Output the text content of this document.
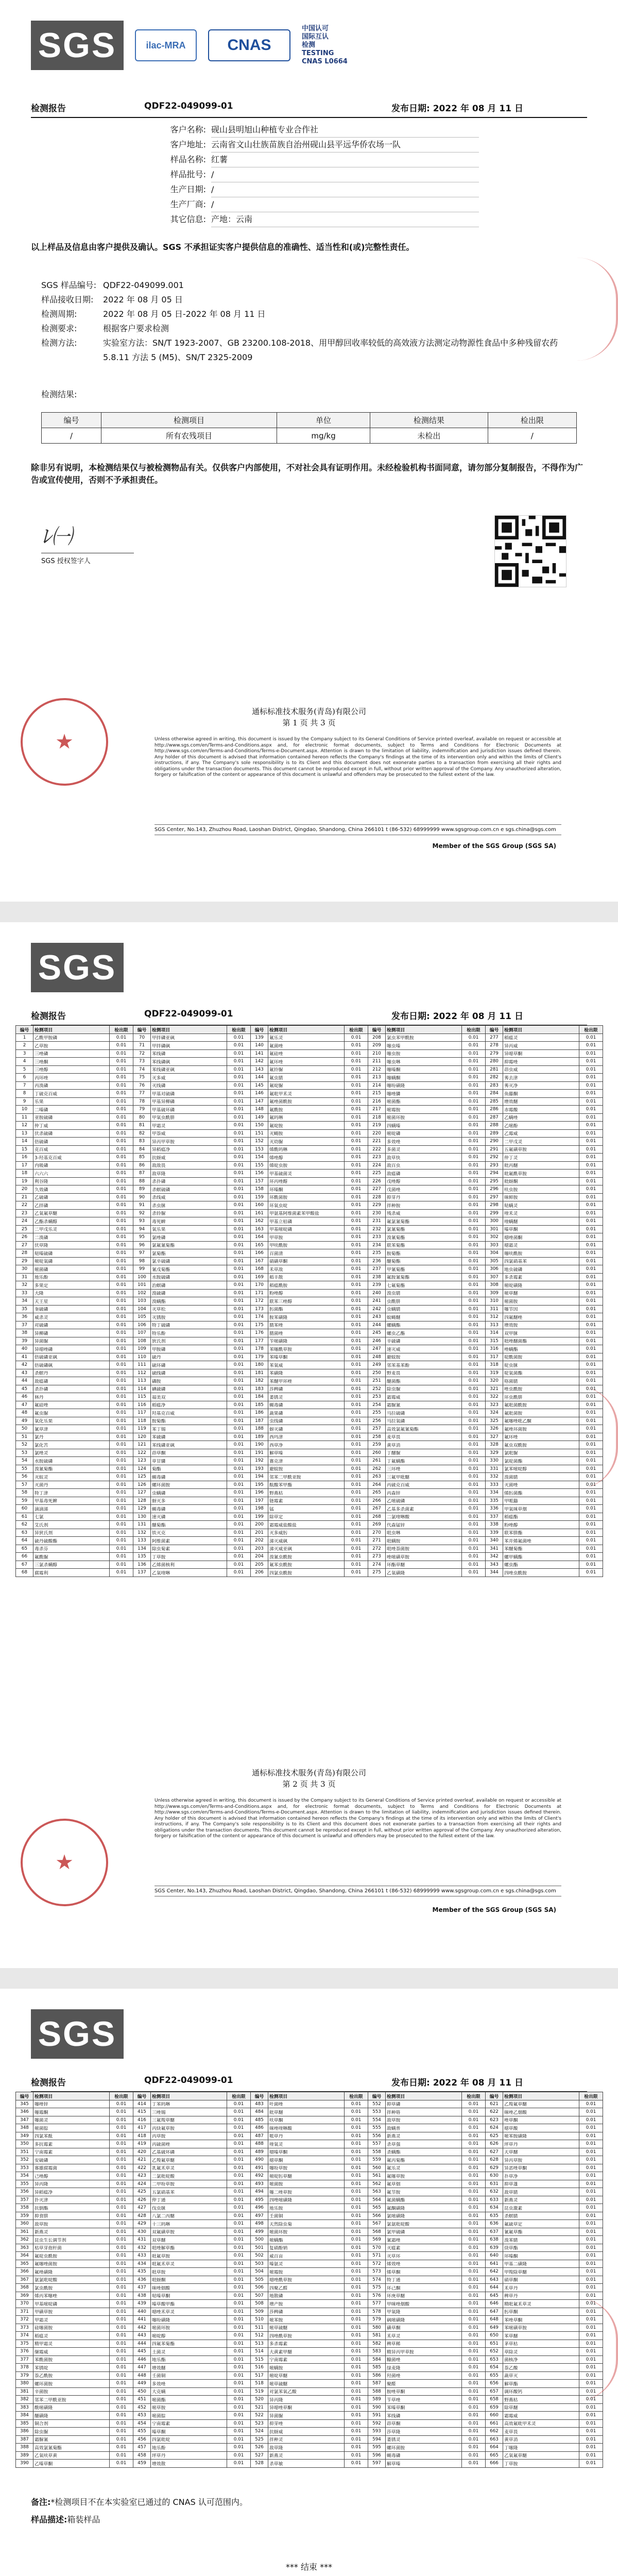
SGS	ilac-MRA	CNAS
中国认可
国际互认
检测
TESTING
CNAS L0664
检测报告	QDF22-049099-01	发布日期: 2022 年 08 月 11 日
客户名称: 砚山县明旭山种植专业合作社
客户地址: 云南省文山壮族苗族自治州砚山县平远华侨农场一队
样品名称: 红薯
样品批号: /
生产日期: /
生产厂商: /
其它信息: 产地：云南
以上样品及信息由客户提供及确认。SGS 不承担证实客户提供信息的准确性、适当性和(或)完整性责任。
SGS 样品编号: QDF22-049099.001
样品接收日期:	2022 年 08 月 05 日
检测周期:	2022 年 08 月 05 日-2022 年 08 月 11 日
检测要求:	根据客户要求检测
检测方法:	实验室方法：SN/T 1923-2007、GB 23200.108-2018、用甲醇回收率较低的高效液方法测定动物源性食品中多种残留农药 5.8.11 方法 5 (M5)、SN/T 2325-2009
检测结果:
编号	检测项目	单位	检测结果	检出限
/	所有农残项目	mg/kg	未检出	/
除非另有说明，本检测结果仅与被检测物品有关。仅供客户内部使用，不对社会具有证明作用。未经检验机构书面同意，请勿部分复制报告，不得作为广告或宣传使用，否则不予承担责任。
ﾚ㈠
SGS 授权签字人
★
通标标准技术服务(青岛)有限公司
第 1 页 共 3 页
Unless otherwise agreed in writing, this document is issued by the Company subject to its General Conditions of Service printed overleaf, available on request or accessible at http://www.sgs.com/en/Terms-and-Conditions.aspx and, for electronic format documents, subject to Terms and Conditions for Electronic Documents at http://www.sgs.com/en/Terms-and-Conditions/Terms-e-Document.aspx. Attention is drawn to the limitation of liability, indemnification and jurisdiction issues defined therein. Any holder of this document is advised that information contained hereon reflects the Company's findings at the time of its intervention only and within the limits of Client's instructions, if any. The Company's sole responsibility is to its Client and this document does not exonerate parties to a transaction from exercising all their rights and obligations under the transaction documents. This document cannot be reproduced except in full, without prior written approval of the Company. Any unauthorized alteration, forgery or falsification of the content or appearance of this document is unlawful and offenders may be prosecuted to the fullest extent of the law.
SGS Center, No.143, Zhuzhou Road, Laoshan District, Qingdao, Shandong, China 266101 t (86-532) 68999999 www.sgsgroup.com.cn e sgs.china@sgs.com
Member of the SGS Group (SGS SA)
SGS
检测报告	QDF22-049099-01	发布日期: 2022 年 08 月 11 日
编号	检测项目	检出限	编号	检测项目	检出限	编号	检测项目	检出限	编号	检测项目	检出限	编号	检测项目	检出限
1	乙酰甲胺磷	0.01	70	甲拌磷亚砜	0.01	139	氟乐灵	0.01	208	氯虫苯甲酰胺	0.01	277	稻瘟灵	0.01
2	乙草胺	0.01	71	甲拌磷砜	0.01	140	氟菌唑	0.01	209	噻虫嗪	0.01	278	异丙威	0.01
3	三唑磷	0.01	72	苯线磷	0.01	141	氟硅唑	0.01	210	噻虫胺	0.01	279	异噁草酮	0.01
4	三唑酮	0.01	73	苯线磷砜	0.01	142	氟环唑	0.01	211	噻虫啉	0.01	280	抑霉唑	0.01
5	三唑醇	0.01	74	苯线磷亚砜	0.01	143	氟铃脲	0.01	212	噻嗪酮	0.01	281	茚虫威	0.01
6	丙环唑	0.01	75	灭多威	0.01	144	氟虫腈	0.01	213	噻螨酮	0.01	282	莠去津	0.01
7	丙溴磷	0.01	76	灭线磷	0.01	145	氟啶脲	0.01	214	噻吩磺隆	0.01	283	莠灭净	0.01
8	丁硫克百威	0.01	77	甲基对硫磷	0.01	146	氟吡甲禾灵	0.01	215	噻唑膦	0.01	284	鱼藤酮	0.01
9	乐果	0.01	78	甲基异柳磷	0.01	147	氟唑菌酰胺	0.01	216	嘧菌酯	0.01	285	增效醚	0.01
10	二嗪磷	0.01	79	甲基硫环磷	0.01	148	氟酰胺	0.01	217	嘧霉胺	0.01	286	赤霉酸	0.01
11	亚胺硫磷	0.01	80	甲氧虫酰肼	0.01	149	氟吗啉	0.01	218	嘧菌环胺	0.01	287	乙螨唑	0.01
12	仲丁威	0.01	81	甲霜灵	0.01	150	氟啶胺	0.01	219	四螨嗪	0.01	288	乙嘧酚	0.01
13	伏杀硫磷	0.01	82	甲萘威	0.01	151	灭蝇胺	0.01	220	嘧啶磷	0.01	289	乙霉威	0.01
14	倍硫磷	0.01	83	异丙甲草胺	0.01	152	灭幼脲	0.01	221	多效唑	0.01	290	二甲戊灵	0.01
15	克百威	0.01	84	异稻瘟净	0.01	153	烯酰吗啉	0.01	222	多菌灵	0.01	291	五氟磺草胺	0.01
16	3-羟基克百威	0.01	85	抗蚜威	0.01	154	烯唑醇	0.01	223	敌草快	0.01	292	仲丁灵	0.01
17	内吸磷	0.01	86	敌敌畏	0.01	155	烯啶虫胺	0.01	224	敌百虫	0.01	293	吡丙醚	0.01
18	六六六	0.01	87	敌草隆	0.01	156	甲基硫菌灵	0.01	225	敌瘟磷	0.01	294	吡氟酰草胺	0.01
19	利谷隆	0.01	88	杀扑磷	0.01	157	环丙唑醇	0.01	226	戊唑醇	0.01	295	吡蚜酮	0.01
20	久效磷	0.01	89	杀螟硫磷	0.01	158	环嗪酮	0.01	227	戊菌唑	0.01	296	呋虫胺	0.01
21	乙硫磷	0.01	90	杀线威	0.01	159	环酰菌胺	0.01	228	抑芽丹	0.01	297	咪鲜胺	0.01
22	乙拌磷	0.01	91	杀虫脒	0.01	160	环氧虫啶	0.01	229	拌种胺	0.01	298	哒螨灵	0.01
23	乙氧氟草醚	0.01	92	杀铃脲	0.01	161	甲氨基阿维菌素苯甲酸盐	0.01	230	残杀威	0.01	299	喹禾灵	0.01
24	乙酯杀螨醇	0.01	93	毒死蜱	0.01	162	甲基立枯磷	0.01	231	氟氯氰菊酯	0.01	300	喹螨醚	0.01
25	二甲戊乐灵	0.01	94	氧乐果	0.01	163	甲基嘧啶磷	0.01	232	氯氰菊酯	0.01	301	嗪草酮	0.01
26	二溴磷	0.01	95	氯唑磷	0.01	164	甲草胺	0.01	233	溴氰菊酯	0.01	302	噁唑菌酮	0.01
27	伏草隆	0.01	96	氯氟氰菊酯	0.01	165	甲呋酰胺	0.01	234	联苯菊酯	0.01	303	噁霜灵	0.01
28	哒嗪硫磷	0.01	97	氯菊酯	0.01	166	百菌清	0.01	235	胺菊酯	0.01	304	噻呋酰胺	0.01
29	嘧啶氧磷	0.01	98	氯辛硫磷	0.01	167	硝磺草酮	0.01	236	醚菊酯	0.01	305	四氯硝基苯	0.01
30	嘧菌磷	0.01	99	氰戊菊酯	0.01	168	禾草敌	0.01	237	甲氰菊酯	0.01	306	地虫硫磷	0.01
31	地乐酚	0.01	100	水胺硫磷	0.01	169	稻丰散	0.01	238	氟胺氰菊酯	0.01	307	多杀霉素	0.01
32	多果定	0.01	101	治螟磷	0.01	170	稻瘟酰胺	0.01	239	七氟菊酯	0.01	308	嘧啶磺隆	0.01
33	大隆	0.01	102	溴硫磷	0.01	171	粉唑醇	0.01	240	溴虫腈	0.01	309	嘧草醚	0.01
34	天王星	0.01	103	溴螨酯	0.01	172	联苯三唑醇	0.01	241	虫酰肼	0.01	310	嘧菌胺	0.01
35	奎硫磷	0.01	104	灭草松	0.01	173	肟菌酯	0.01	242	虫螨腈	0.01	311	噻节因	0.01
36	威杀灵	0.01	105	灭锈胺	0.01	174	胺苯磺隆	0.01	243	蚊蝇醚	0.01	312	四氟醚唑	0.01
37	对硫磷	0.01	106	特丁硫磷	0.01	175	腈苯唑	0.01	244	螺螨酯	0.01	313	增效胺	0.01
38	异柳磷	0.01	107	特乐酚	0.01	176	腈菌唑	0.01	245	螺虫乙酯	0.01	314	双甲脒	0.01
39	异菌脲	0.01	108	狄氏剂	0.01	177	苄嘧磺隆	0.01	246	辛硫磷	0.01	315	吡唑醚菌酯	0.01
40	异噁唑磷	0.01	109	甲胺磷	0.01	178	苯噻酰草胺	0.01	247	速灭威	0.01	316	唑螨酯	0.01
41	倍硫磷亚砜	0.01	110	硫丹	0.01	179	苯嗪草酮	0.01	248	避蚊胺	0.01	317	啶酰菌胺	0.01
42	倍硫磷砜	0.01	111	硫环磷	0.01	180	苯氧威	0.01	249	邻苯基苯酚	0.01	318	啶虫脒	0.01
43	杀螟丹	0.01	112	硫线磷	0.01	181	苯磺隆	0.01	250	野麦畏	0.01	319	啶氧菌酯	0.01
44	敌瘟磷	0.01	113	磷胺	0.01	182	苯醚甲环唑	0.01	251	醚菌酯	0.01	320	咯菌腈	0.01
45	杀扑磷	0.01	114	碘硫磷	0.01	183	莎稗磷	0.01	252	除虫脲	0.01	321	唑虫酰胺	0.01
46	林丹	0.01	115	福美双	0.01	184	萎锈灵	0.01	253	霜霉威	0.01	322	环虫酰肼	0.01
47	氟硅唑	0.01	116	稻瘟净	0.01	185	蝇毒磷	0.01	254	霜脲氰	0.01	323	氟吡菌酰胺	0.01
48	氟虫脲	0.01	117	羟基克百威	0.01	186	蔬果磷	0.01	255	马拉硫磷	0.01	324	氟吡菌胺	0.01
49	氧化乐果	0.01	118	胺菊酯	0.01	187	虫线磷	0.01	256	马拉氧磷	0.01	325	氟噻唑吡乙酮	0.01
50	氰草津	0.01	119	苯丁锡	0.01	188	蚜灭磷	0.01	257	高效氯氟氰菊酯	0.01	326	氟唑环菌胺	0.01
51	氯丹	0.01	120	苯硫磷	0.01	189	西玛津	0.01	258	麦草畏	0.01	327	氟环唑	0.01
52	氯化苦	0.01	121	苯线磷亚砜	0.01	190	西草净	0.01	259	黄草消	0.01	328	氟虫双酰胺	0.01
53	氯唑灵	0.01	122	茚草酮	0.01	191	解草嗪	0.01	260	丁醚脲	0.01	329	氯吡脲	0.01
54	水胺硫磷	0.01	123	草甘膦	0.01	192	赛克津	0.01	261	丁氟螨酯	0.01	330	氯啶菌酯	0.01
55	溴氰菊酯	0.01	124	菊酯	0.01	193	避蚊胺	0.01	262	三环唑	0.01	331	氯苯嘧啶醇	0.01
56	灭蚁灵	0.01	125	蝇毒磷	0.01	194	邻苯二甲酰亚胺	0.01	263	三氟甲吡醚	0.01	332	溴菌腈	0.01
57	灭菌丹	0.01	126	螺环菌胺	0.01	195	酞酸苯甲酯	0.01	264	丙硫克百威	0.01	333	灭菌唑	0.01
58	特丁津	0.01	127	虫螨磷	0.01	196	野燕枯	0.01	265	丙森锌	0.01	334	烯肟菌酯	0.01
59	甲基毒死蜱	0.01	128	蚜灭多	0.01	197	链霉素	0.01	266	乙嘧硫磷	0.01	335	甲哌鎓	0.01
60	滴滴涕	0.01	129	蝇毒磷	0.01	198	锰	0.01	267	乙基多杀菌素	0.01	336	甲氧咪草烟	0.01
61	七氯	0.01	130	速灭磷	0.01	199	除草定	0.01	268	二氯喹啉酸	0.01	337	稻瘟酯	0.01
62	艾氏剂	0.01	131	醚菊酯	0.01	200	霜霉威盐酸盐	0.01	269	代森锰锌	0.01	338	粉唑醇	0.01
63	异狄氏剂	0.01	132	铁灭克	0.01	201	灭多威肟	0.01	270	吡虫啉	0.01	339	联苯肼酯	0.01
64	硫丹硫酸酯	0.01	133	阿维菌素	0.01	202	涕灭威砜	0.01	271	吡螨胺	0.01	340	苯并烯氟菌唑	0.01
65	毒杀芬	0.01	134	除虫菊素	0.01	203	涕灭威亚砜	0.01	272	吡唑萘菌胺	0.01	341	苯醚菊酯	0.01
66	氟酰脲	0.01	135	丁草胺	0.01	204	溴氰虫酰胺	0.01	273	唑嘧磺草胺	0.01	342	螺甲螨酯	0.01
67	三氯杀螨醇	0.01	136	乙烯菌核利	0.01	205	氟苯虫酰胺	0.01	274	环酯草醚	0.01	343	螺虫酯	0.01
68	腐霉利	0.01	137	乙氧喹啉	0.01	206	四氯虫酰胺	0.01	275	乙氧磺隆	0.01	344	四唑虫酰胺	0.01
★
通标标准技术服务(青岛)有限公司
第 2 页 共 3 页
Unless otherwise agreed in writing, this document is issued by the Company subject to its General Conditions of Service printed overleaf, available on request or accessible at http://www.sgs.com/en/Terms-and-Conditions.aspx and, for electronic format documents, subject to Terms and Conditions for Electronic Documents at http://www.sgs.com/en/Terms-and-Conditions/Terms-e-Document.aspx. Attention is drawn to the limitation of liability, indemnification and jurisdiction issues defined therein. Any holder of this document is advised that information contained hereon reflects the Company's findings at the time of its intervention only and within the limits of Client's instructions, if any. The Company's sole responsibility is to its Client and this document does not exonerate parties to a transaction from exercising all their rights and obligations under the transaction documents. This document cannot be reproduced except in full, without prior written approval of the Company. Any unauthorized alteration, forgery or falsification of the content or appearance of this document is unlawful and offenders may be prosecuted to the fullest extent of the law.
SGS Center, No.143, Zhuzhou Road, Laoshan District, Qingdao, Shandong, China 266101 t (86-532) 68999999 www.sgsgroup.com.cn e sgs.china@sgs.com
Member of the SGS Group (SGS SA)
SGS
检测报告	QDF22-049099-01	发布日期: 2022 年 08 月 11 日
编号	检测项目	检出限	编号	检测项目	检出限	编号	检测项目	检出限	编号	检测项目	检出限	编号	检测项目	检出限
345	噻唑锌	0.01	414	丁苯吗啉	0.01	483	叶菌唑	0.01	552	抑草磷	0.01	621	乙羧氟草醚	0.01
346	噻霉酮	0.01	415	三唑锡	0.01	484	吡草醚	0.01	553	拌种咯	0.01	622	咪唑乙烟酸	0.01
347	噻菌灵	0.01	416	三氟羧草醚	0.01	485	呋草酮	0.01	554	敌草胺	0.01	623	唑草酮	0.01
348	嘧菌腙	0.01	417	丙炔氟草胺	0.01	486	咪唑喹啉酸	0.01	555	敌螨普	0.01	624	噁草酸	0.01
349	四氯苯酞	0.01	418	丙草胺	0.01	487	哌草丹	0.01	556	新燕灵	0.01	625	嘧苯胺磺隆	0.01
350	多抗霉素	0.01	419	丙硫菌唑	0.01	488	喹氧灵	0.01	557	杀草强	0.01	626	坪草丹	0.01
351	宁南霉素	0.01	420	乙基硫环磷	0.01	489	噁嗪草酮	0.01	558	杀螨酯	0.01	627	天草醚	0.01
352	安硫磷	0.01	421	乙羧氟草醚	0.01	490	噁草酮	0.01	559	氟丙菊酯	0.01	628	异丙草胺	0.01
353	寡雄腐霉菌	0.01	422	乳氟禾草灵	0.01	491	噻吩草胺	0.01	560	氟乐灵	0.01	629	异恶唑草酮	0.01
354	己唑醇	0.01	423	二氯吡啶酸	0.01	492	嘧啶肟草醚	0.01	561	氟噻草胺	0.01	630	扑草净	0.01
355	异丙隆	0.01	424	二甲吩草胺	0.01	493	嘧菌胺	0.01	562	氟草烟	0.01	631	抑草蓬	0.01
356	异稻瘟净	0.01	425	五氯硝基苯	0.01	494	噻二唑草胺	0.01	563	氟节胺	0.01	632	敌草腈	0.01
357	扑灭津	0.01	426	仲丁通	0.01	495	四唑嘧磺隆	0.01	564	氟菌螨酯	0.01	633	新燕灵	0.01
358	抗倒酯	0.01	427	伐虫脒	0.01	496	地乐胺	0.01	565	氟酮磺隆	0.01	634	昆虫激素	0.01
359	抑食肼	0.01	428	八氯二丙醚	0.01	497	壬菌铜	0.01	566	氯嘧磺隆	0.01	635	杀螟腈	0.01
360	敌草胺	0.01	429	十三吗啉	0.01	498	天然除虫菊	0.01	567	氯氨吡啶酸	0.01	636	氟硫草定	0.01
361	新燕灵	0.01	430	双氟磺草胺	0.01	499	嘧菌环胺	0.01	568	氯甲硫磷	0.01	637	氰氟草酯	0.01
362	昆虫生长调节剂	0.01	431	双草醚	0.01	500	嘧螨酯	0.01	569	氰霜唑	0.01	638	溴苯腈	0.01
363	枯草芽孢杆菌	0.01	432	吡唑解草酯	0.01	501	复硝酚钠	0.01	570	灭瘟素	0.01	639	炔草酯	0.01
364	氟啶虫酰胺	0.01	433	吡氟草胺	0.01	502	威百亩	0.01	571	灭草环	0.01	640	环嗪酮	0.01
365	氟噻唑菌胺	0.01	434	吡氟禾草灵	0.01	503	嗪氨灵	0.01	572	烯效唑	0.01	641	甲基二磺隆	0.01
366	氟唑磺隆	0.01	435	吡草胺	0.01	504	嘧霉胺	0.01	573	烯草酮	0.01	642	甲羧除草醚	0.01
367	氨氯吡啶酸	0.01	436	吡蚜酮	0.01	505	噁唑酰草胺	0.01	574	特丁通	0.01	643	硝草酮	0.01
368	氯虫酰胺	0.01	437	咪唑烟酸	0.01	506	四聚乙醛	0.01	575	环己酮	0.01	644	禾草丹	0.01
369	烯丙苯噻唑	0.01	438	哒嗪草酮	0.01	507	地散磷	0.01	576	环庚草醚	0.01	645	稗草丹	0.01
370	甲基嘧啶磷	0.01	439	嗪草酸甲酯	0.01	508	增产胺	0.01	577	甲咪唑烟酸	0.01	646	精吡氟禾草灵	0.01
371	甲磺草胺	0.01	440	噁唑禾草灵	0.01	509	莎稗磷	0.01	578	甲氧隆	0.01	647	肟草酮	0.01
372	甲霜灵	0.01	441	噻吩磺隆	0.01	510	嘧苯胺	0.01	579	砜嘧磺隆	0.01	648	苯唑草酮	0.01
373	硅噻菌胺	0.01	442	嘧菌环胺	0.01	511	嘧草硫醚	0.01	580	磺草酮	0.01	649	苯嘧磺草胺	0.01
374	稻瘟灵	0.01	443	嘧啶醇	0.01	512	四唑酰草胺	0.01	581	禾草灵	0.01	650	苯草醚	0.01
375	精甲霜灵	0.01	444	四氟苯菊酯	0.01	513	多杀霉素	0.01	582	稗草稀	0.01	651	茅草枯	0.01
376	缬霉威	0.01	445	土菌灵	0.01	514	大黄素甲醚	0.01	583	精异丙甲草胺	0.01	652	草除灵	0.01
377	苯酰菌胺	0.01	446	地乐酯	0.01	515	宁南霉素	0.01	584	糠菌唑	0.01	653	菌核净	0.01
378	苯锈啶	0.01	447	增效醚	0.01	516	嘧螨胺	0.01	585	绿麦隆	0.01	654	萘乙酸	0.01
379	萘乙酰胺	0.01	448	壬菌铜	0.01	517	嘧啶草醚	0.01	586	羟菌唑	0.01	655	蔬草灭	0.01
380	螺环菌胺	0.01	449	多效唑	0.01	518	嘧草硫醚	0.01	587	聚醛	0.01	656	解草酯	0.01
381	辛菌胺	0.01	450	大克螨	0.01	519	对氯苯氧乙酸	0.01	588	胺唑草酮	0.01	657	调环酸钙	0.01
382	邻苯二甲酰亚胺	0.01	451	嘧菌酯	0.01	520	异丙隆	0.01	589	苄草唑	0.01	658	野燕枯	0.01
383	酰嘧磺隆	0.01	452	嘧草胺	0.01	521	异噁唑草酮	0.01	590	苯嗪草酮	0.01	659	除草醚	0.01
384	醚磺隆	0.01	453	嘧菌腙	0.01	522	异菌脲	0.01	591	苯线磷	0.01	660	霜霉威	0.01
385	铜合剂	0.01	454	宁南霉素	0.01	523	抑芽唑	0.01	592	茚草酮	0.01	661	高效氟吡甲禾灵	0.01
386	除虫脲	0.01	455	嗪草酮	0.01	524	抗蚜威	0.01	593	莎草隆	0.01	662	麦草畏	0.01
387	霜脲氰	0.01	456	四氯吡啶	0.01	525	拌种灵	0.01	594	萎锈灵	0.01	663	黄草消	0.01
388	高效氯氰菊酯	0.01	457	地乐酚	0.01	526	敌草隆	0.01	595	螺环菌胺	0.01	664	丁噻隆	0.01
389	乙氧呋草黄	0.01	458	坪草丹	0.01	527	新燕灵	0.01	596	蝇毒磷	0.01	665	乙氧氟草醚	0.01
390	乙嗪草酮	0.01	459	增效散	0.01	528	杀草敏	0.01	597	解草嗪	0.01	666	丁草胺	0.01
备注:*检测项目不在本实验室已通过的 CNAS 认可范围内。
样品描述:箱装样品
*** 结束 ***
